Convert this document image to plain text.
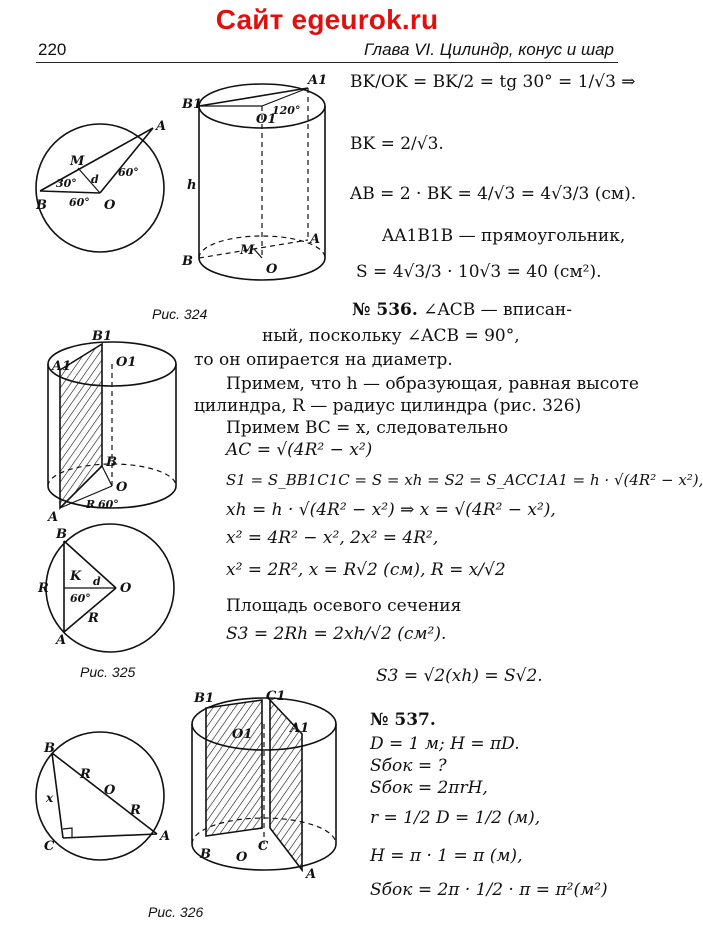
Сайт egeurok.ru
220	Глава VI. Цилиндр, конус и шар
B
A
M
O
d
30°
60°
60°
B1
A1
O1
120°
h
B
A
M
O
Рис. 324
B1
A1	O1
B
O
A
R 60°
B
R
K d O
60°
R
A
Рис. 325
B
R
O
R
x
C
A
B1	C1
O1	A1
B O
C
A
Рис. 326
BK/OK = BK/2 = tg 30° = 1/√3 ⇒
BK = 2/√3.
AB = 2 · BK = 4/√3 = 4√3/3 (см).
AA1B1B — прямоугольник,
S = 4√3/3 · 10√3 = 40 (см²).
№ 536. ∠ACB — вписан-
ный, поскольку ∠ACB = 90°,
то он опирается на диаметр.
Примем, что h — образующая, равная высоте
цилиндра, R — радиус цилиндра (рис. 326)
Примем BC = x, следовательно
AC = √(4R² − x²)
S1 = S_BB1C1C = S = xh = S2 = S_ACC1A1 = h · √(4R² − x²),
xh = h · √(4R² − x²) ⇒ x = √(4R² − x²),
x² = 4R² − x², 2x² = 4R²,
x² = 2R², x = R√2 (см), R = x/√2
Площадь осевого сечения
S3 = 2Rh = 2xh/√2 (см²).
S3 = √2(xh) = S√2.
№ 537.
D = 1 м; H = πD.
Sбок = ?
Sбок = 2πrH,
r = 1/2 D = 1/2 (м),
H = π · 1 = π (м),
Sбок = 2π · 1/2 · π = π²(м²)
